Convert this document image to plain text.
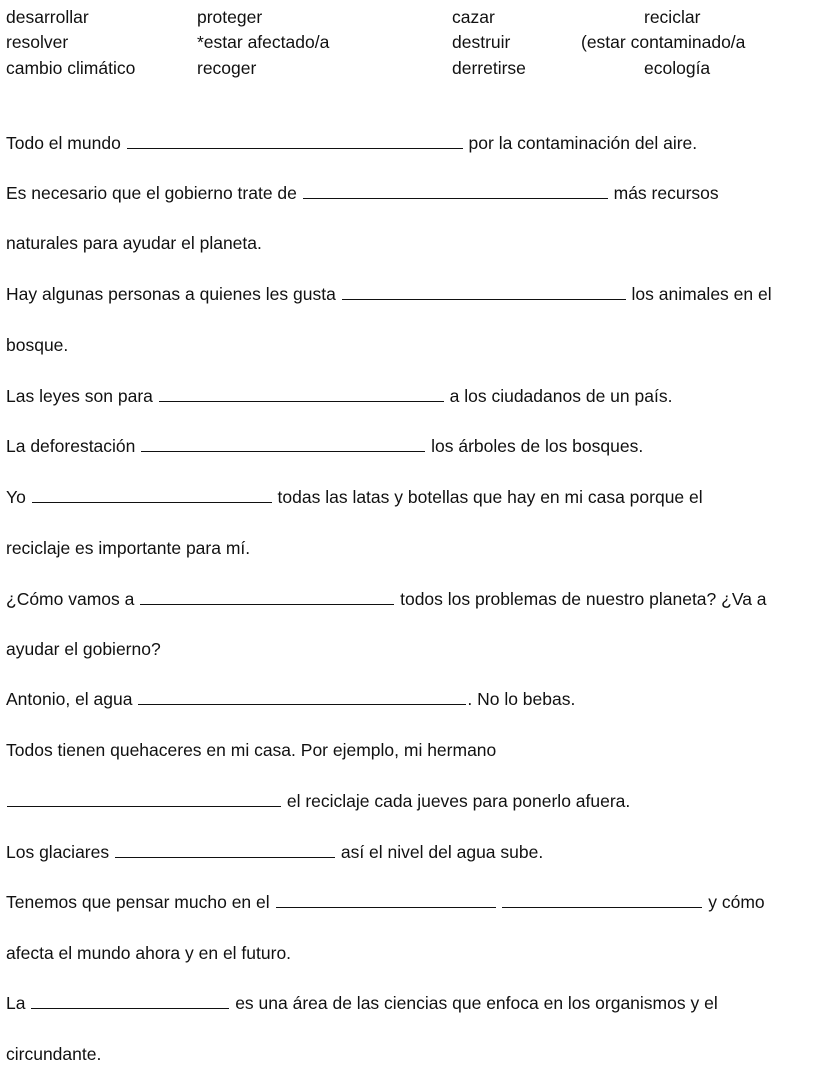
desarrollar	proteger	cazar	reciclar
resolver	*estar afectado/a	destruir	(estar contaminado/a
cambio climático	recoger	derretirse	ecología
Todo el mundo	por la contaminación del aire.
Es necesario que el gobierno trate de	más recursos
naturales para ayudar el planeta.
Hay algunas personas a quienes les gusta	los animales en el
bosque.
Las leyes son para	a los ciudadanos de un país.
La deforestación	los árboles de los bosques.
Yo	todas las latas y botellas que hay en mi casa porque el
reciclaje es importante para mí.
¿Cómo vamos a	todos los problemas de nuestro planeta? ¿Va a
ayudar el gobierno?
Antonio, el agua	. No lo bebas.
Todos tienen quehaceres en mi casa. Por ejemplo, mi hermano
el reciclaje cada jueves para ponerlo afuera.
Los glaciares	así el nivel del agua sube.
Tenemos que pensar mucho en el	y cómo
afecta el mundo ahora y en el futuro.
La	es una área de las ciencias que enfoca en los organismos y el
circundante.
